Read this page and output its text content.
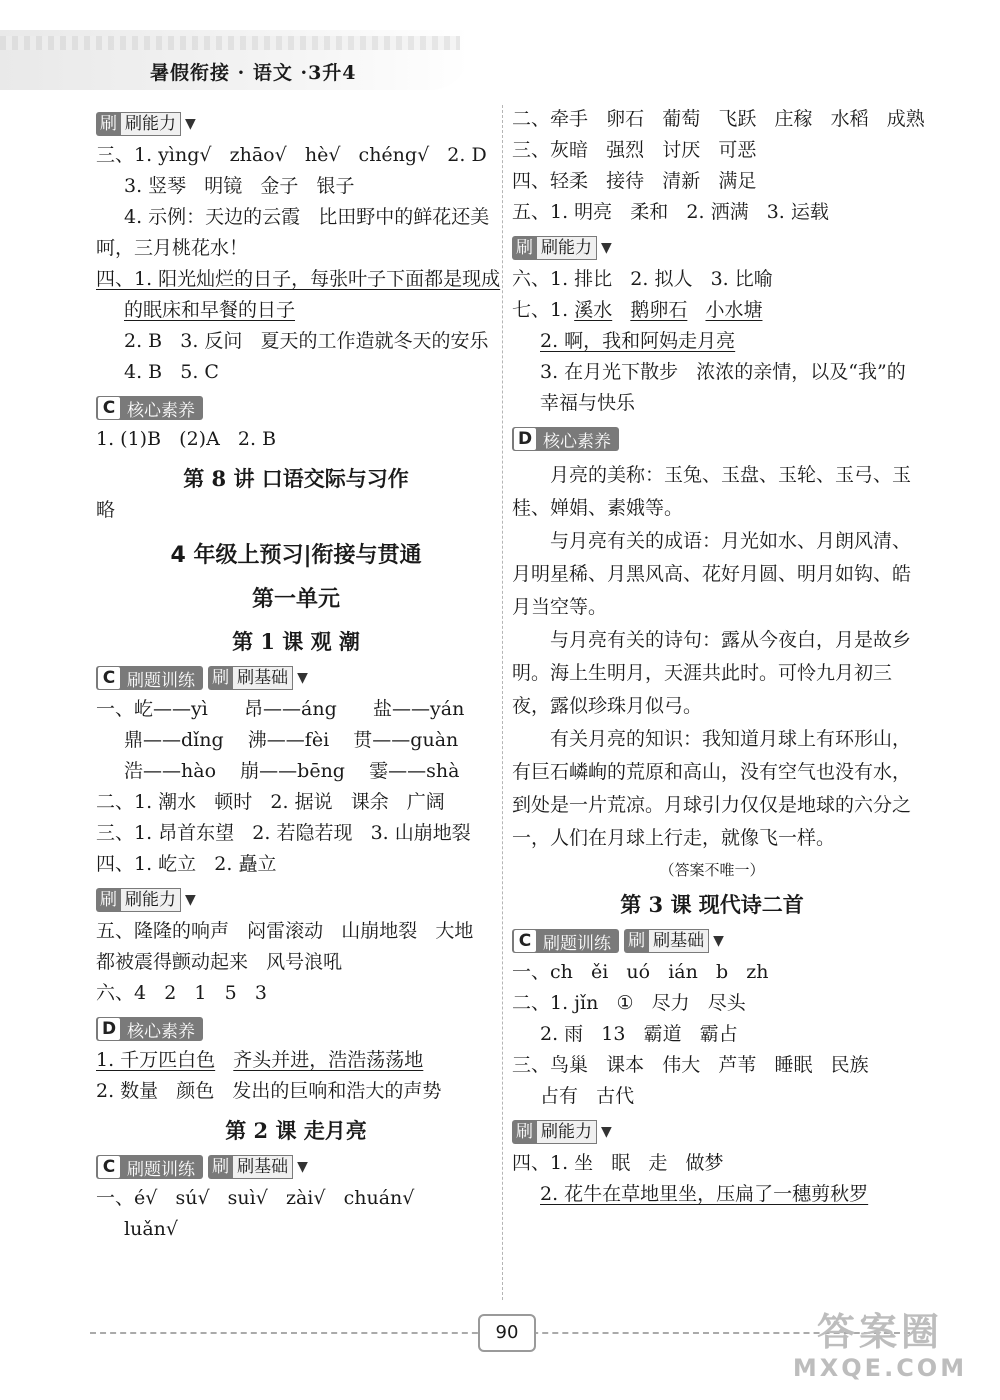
暑假衔接 · 语文 ·3升4
刷 刷能力 ▼
三、1. yìng√   zhāo√   hè√   chéng√   2. D
3. 竖琴   明镜   金子   银子
4. 示例：天边的云霞   比田野中的鲜花还美
呵，三月桃花水！
四、1. 阳光灿烂的日子，每张叶子下面都是现成
的眠床和早餐的日子
2. B   3. 反问   夏天的工作造就冬天的安乐
4. B   5. C
C 核心素养
1. (1)B   (2)A   2. B
第 8 讲 口语交际与习作
略
4 年级上预习|衔接与贯通
第一单元
第 1 课 观 潮
C 刷题训练
刷 刷基础 ▼
一、屹——yì      昂——áng      盐——yán
鼎——dǐng    沸——fèi    贯——guàn
浩——hào    崩——bēng    霎——shà
二、1. 潮水   顿时   2. 据说   课余   广阔
三、1. 昂首东望   2. 若隐若现   3. 山崩地裂
四、1. 屹立   2. 矗立
刷 刷能力 ▼
五、隆隆的响声   闷雷滚动   山崩地裂   大地
都被震得颤动起来   风号浪吼
六、4   2   1   5   3
D 核心素养
1. 千万匹白色 齐头并进，浩浩荡荡地
2. 数量   颜色   发出的巨响和浩大的声势
第 2 课 走月亮
C 刷题训练
刷 刷基础 ▼
一、é√   sú√   suì√   zài√   chuán√
luǎn√
二、牵手   卵石   葡萄   飞跃   庄稼   水稻   成熟
三、灰暗   强烈   讨厌   可恶
四、轻柔   接待   清新   满足
五、1. 明亮   柔和   2. 洒满   3. 运载
刷 刷能力 ▼
六、1. 排比   2. 拟人   3. 比喻
七、1. 溪水 鹅卵石 小水塘
2. 啊，我和阿妈走月亮
3. 在月光下散步   浓浓的亲情，以及“我”的
幸福与快乐
D 核心素养
月亮的美称：玉兔、玉盘、玉轮、玉弓、玉桂、婵娟、素娥等。
与月亮有关的成语：月光如水、月朗风清、月明星稀、月黑风高、花好月圆、明月如钩、皓月当空等。
与月亮有关的诗句：露从今夜白，月是故乡明。海上生明月，天涯共此时。可怜九月初三夜，露似珍珠月似弓。
有关月亮的知识：我知道月球上有环形山，有巨石嶙峋的荒原和高山，没有空气也没有水，到处是一片荒凉。月球引力仅仅是地球的六分之一，人们在月球上行走，就像飞一样。
（答案不唯一）
第 3 课 现代诗二首
C 刷题训练
刷 刷基础 ▼
一、ch   ěi   uó   ián   b   zh
二、1. jǐn   ①   尽力   尽头
2. 雨   13   霸道   霸占
三、鸟巢   课本   伟大   芦苇   睡眠   民族
占有   古代
刷 刷能力 ▼
四、1. 坐   眠   走   做梦
2. 花牛在草地里坐，压扁了一穗剪秋罗
90	答案圈
MXQE.COM
